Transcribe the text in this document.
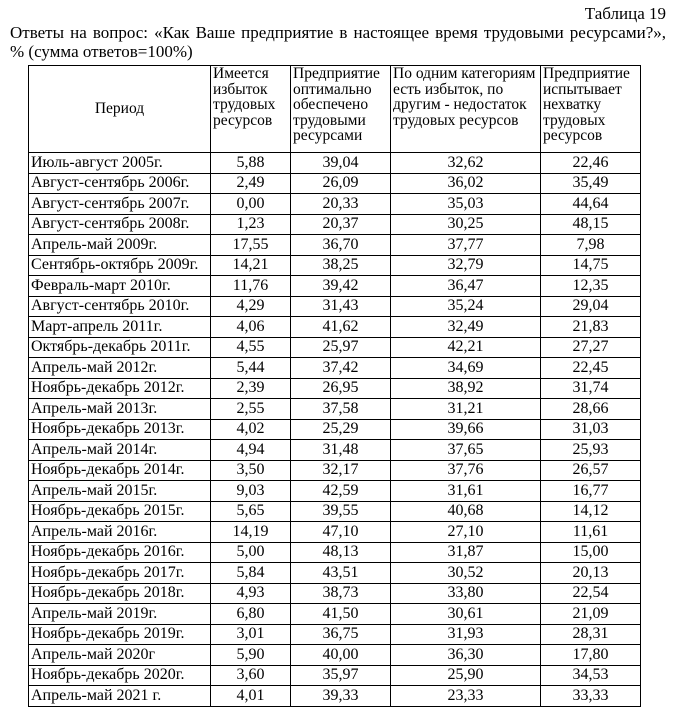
Таблица 19
Ответы на вопрос: «Как Ваше предприятие в настоящее время трудовыми ресурсами?», % (сумма ответов=100%)
Период	Имеется избыток трудовых ресурсов	Предприятие оптимально обеспечено трудовыми ресурсами	По одним категориям есть избыток, по другим - недостаток трудовых ресурсов	Предприятие испытывает нехватку трудовых ресурсов
Июль-август 2005г.	5,88	39,04	32,62	22,46
Август-сентябрь 2006г.	2,49	26,09	36,02	35,49
Август-сентябрь 2007г.	0,00	20,33	35,03	44,64
Август-сентябрь 2008г.	1,23	20,37	30,25	48,15
Апрель-май 2009г.	17,55	36,70	37,77	7,98
Сентябрь-октябрь 2009г.	14,21	38,25	32,79	14,75
Февраль-март 2010г.	11,76	39,42	36,47	12,35
Август-сентябрь 2010г.	4,29	31,43	35,24	29,04
Март-апрель 2011г.	4,06	41,62	32,49	21,83
Октябрь-декабрь 2011г.	4,55	25,97	42,21	27,27
Апрель-май 2012г.	5,44	37,42	34,69	22,45
Ноябрь-декабрь 2012г.	2,39	26,95	38,92	31,74
Апрель-май 2013г.	2,55	37,58	31,21	28,66
Ноябрь-декабрь 2013г.	4,02	25,29	39,66	31,03
Апрель-май 2014г.	4,94	31,48	37,65	25,93
Ноябрь-декабрь 2014г.	3,50	32,17	37,76	26,57
Апрель-май 2015г.	9,03	42,59	31,61	16,77
Ноябрь-декабрь 2015г.	5,65	39,55	40,68	14,12
Апрель-май 2016г.	14,19	47,10	27,10	11,61
Ноябрь-декабрь 2016г.	5,00	48,13	31,87	15,00
Ноябрь-декабрь 2017г.	5,84	43,51	30,52	20,13
Ноябрь-декабрь 2018г.	4,93	38,73	33,80	22,54
Апрель-май 2019г.	6,80	41,50	30,61	21,09
Ноябрь-декабрь 2019г.	3,01	36,75	31,93	28,31
Апрель-май 2020г	5,90	40,00	36,30	17,80
Ноябрь-декабрь 2020г.	3,60	35,97	25,90	34,53
Апрель-май 2021 г.	4,01	39,33	23,33	33,33
